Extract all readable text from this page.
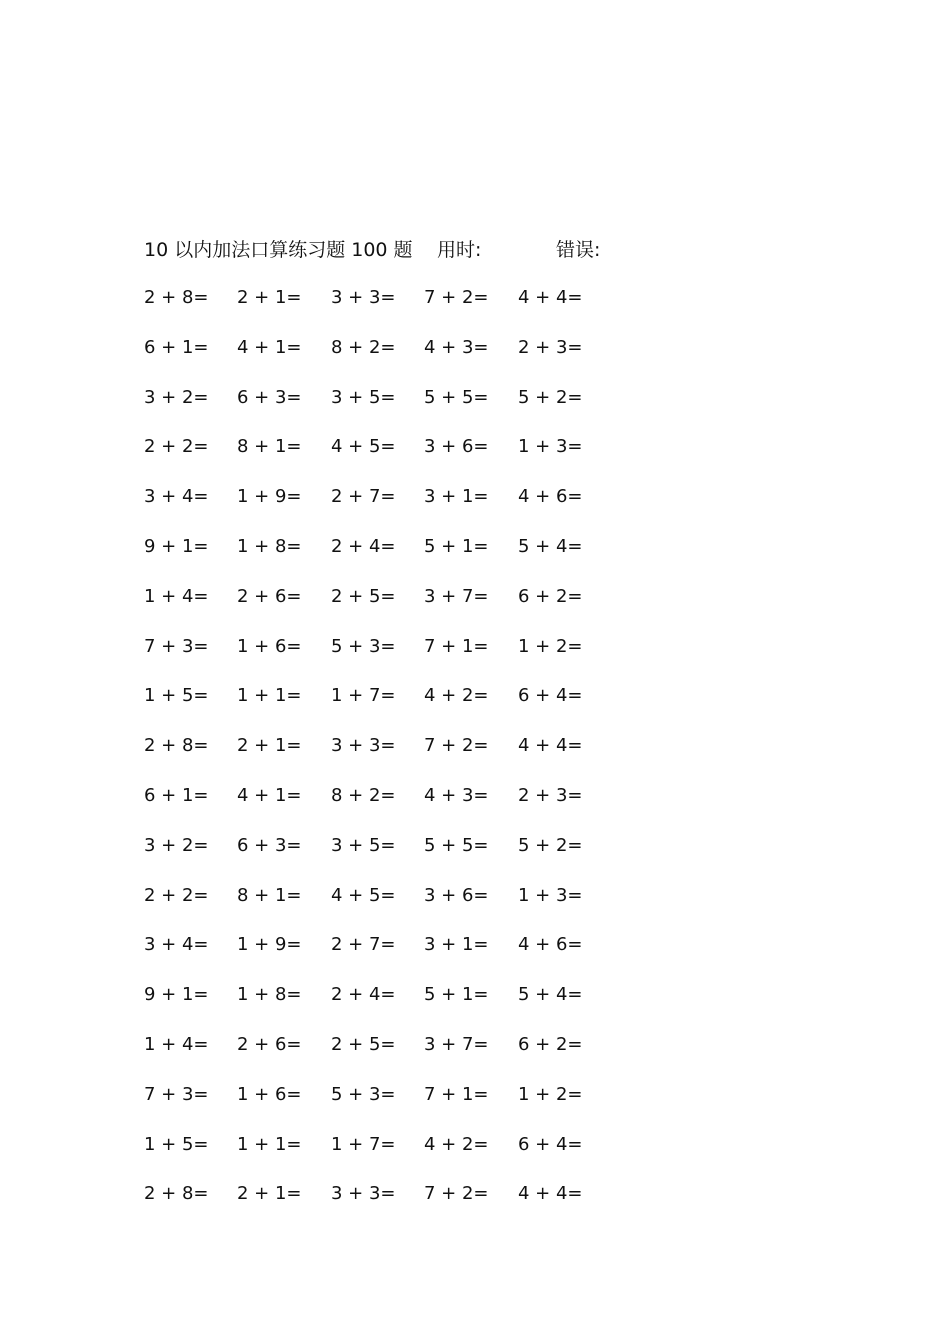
10 以内加法口算练习题 100 题 用时:	错误:
2 + 8= 2 + 1= 3 + 3= 7 + 2= 4 + 4=
6 + 1= 4 + 1= 8 + 2= 4 + 3= 2 + 3=
3 + 2= 6 + 3= 3 + 5= 5 + 5= 5 + 2=
2 + 2= 8 + 1= 4 + 5= 3 + 6= 1 + 3=
3 + 4= 1 + 9= 2 + 7= 3 + 1= 4 + 6=
9 + 1= 1 + 8= 2 + 4= 5 + 1= 5 + 4=
1 + 4= 2 + 6= 2 + 5= 3 + 7= 6 + 2=
7 + 3= 1 + 6= 5 + 3= 7 + 1= 1 + 2=
1 + 5= 1 + 1= 1 + 7= 4 + 2= 6 + 4=
2 + 8= 2 + 1= 3 + 3= 7 + 2= 4 + 4=
6 + 1= 4 + 1= 8 + 2= 4 + 3= 2 + 3=
3 + 2= 6 + 3= 3 + 5= 5 + 5= 5 + 2=
2 + 2= 8 + 1= 4 + 5= 3 + 6= 1 + 3=
3 + 4= 1 + 9= 2 + 7= 3 + 1= 4 + 6=
9 + 1= 1 + 8= 2 + 4= 5 + 1= 5 + 4=
1 + 4= 2 + 6= 2 + 5= 3 + 7= 6 + 2=
7 + 3= 1 + 6= 5 + 3= 7 + 1= 1 + 2=
1 + 5= 1 + 1= 1 + 7= 4 + 2= 6 + 4=
2 + 8= 2 + 1= 3 + 3= 7 + 2= 4 + 4=
